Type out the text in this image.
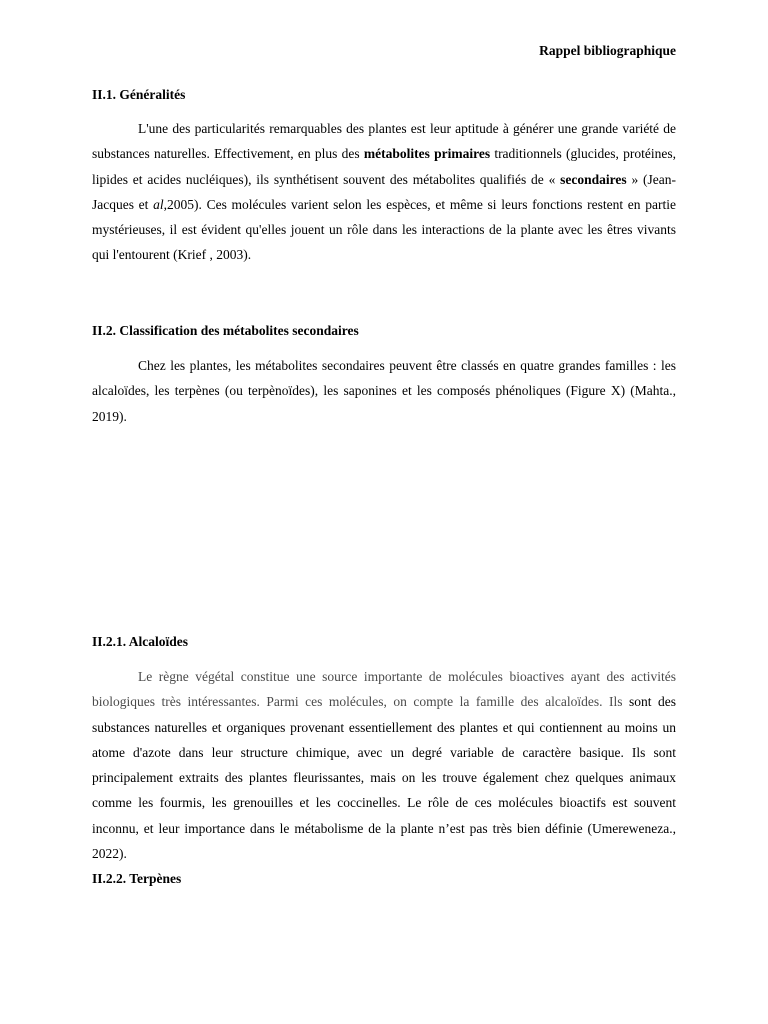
Rappel bibliographique
II.1. Généralités

L'une des particularités remarquables des plantes est leur aptitude à générer une grande variété de substances naturelles. Effectivement, en plus des métabolites primaires traditionnels (glucides, protéines, lipides et acides nucléiques), ils synthétisent souvent des métabolites qualifiés de « secondaires » (Jean-Jacques et al,2005). Ces molécules varient selon les espèces, et même si leurs fonctions restent en partie mystérieuses, il est évident qu'elles jouent un rôle dans les interactions de la plante avec les êtres vivants qui l'entourent (Krief , 2003).

II.2. Classification des métabolites secondaires

Chez les plantes, les métabolites secondaires peuvent être classés en quatre grandes familles : les alcaloïdes, les terpènes (ou terpènoïdes), les saponines et les composés phénoliques (Figure X) (Mahta., 2019).

II.2.1. Alcaloïdes

Le règne végétal constitue une source importante de molécules bioactives ayant des activités biologiques très intéressantes. Parmi ces molécules, on compte la famille des alcaloïdes. Ils sont des substances naturelles et organiques provenant essentiellement des plantes et qui contiennent au moins un atome d'azote dans leur structure chimique, avec un degré variable de caractère basique. Ils sont principalement extraits des plantes fleurissantes, mais on les trouve également chez quelques animaux comme les fourmis, les grenouilles et les coccinelles. Le rôle de ces molécules bioactifs est souvent inconnu, et leur importance dans le métabolisme de la plante n’est pas très bien définie (Umereweneza., 2022).

II.2.2. Terpènes
